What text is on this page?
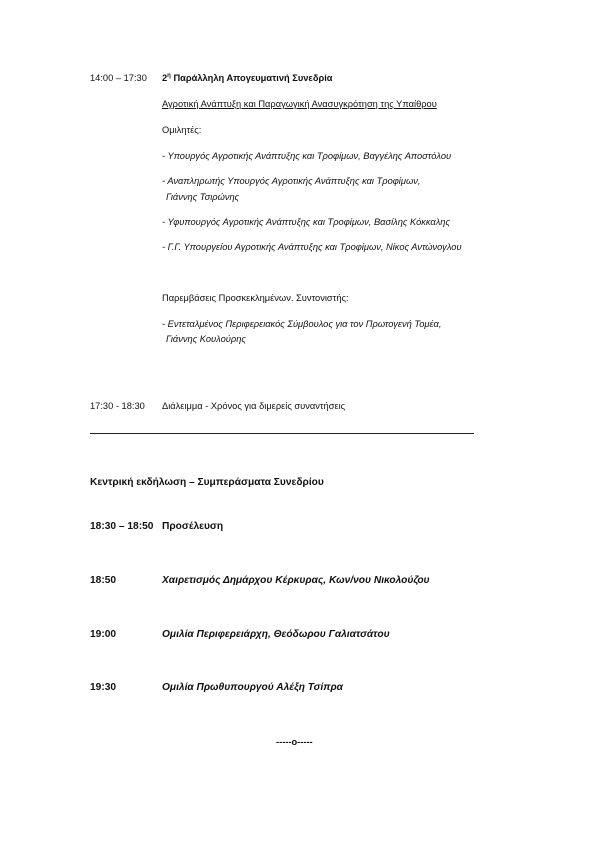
14:00 – 17:30 $2^\eta$ Παράλληλη Απογευματινή Συνεδρία
Αγροτική Ανάπτυξη και Παραγωγική Ανασυγκρότηση της Υπαίθρου
Ομιλητές:
- Υπουργός Αγροτικής Ανάπτυξης και Τροφίμων, Βαγγέλης Αποστόλου
- Αναπληρωτής Υπουργός Αγροτικής Ανάπτυξης και Τροφίμων,
Γιάννης Τσιρώνης
- Υφυπουργός Αγροτικής Ανάπτυξης και Τροφίμων, Βασίλης Κόκκαλης
- Γ.Γ. Υπουργείου Αγροτικής Ανάπτυξης και Τροφίμων, Νίκος Αντώνογλου
Παρεμβάσεις Προσκεκλημένων. Συντονιστής:
- Εντεταλμένος Περιφερειακός Σύμβουλος για τον Πρωτογενή Τομέα,
Γιάννης Κουλούρης
17:30 - 18:30 Διάλειμμα - Χρόνος για διμερείς συναντήσεις
Κεντρική εκδήλωση – Συμπεράσματα Συνεδρίου
18:30 – 18:50 Προσέλευση
18:50	Χαιρετισμός Δημάρχου Κέρκυρας, Κων/νου Νικολούζου
19:00	Ομιλία Περιφερειάρχη, Θεόδωρου Γαλιατσάτου
19:30	Ομιλία Πρωθυπουργού Αλέξη Τσίπρα
-----o-----
